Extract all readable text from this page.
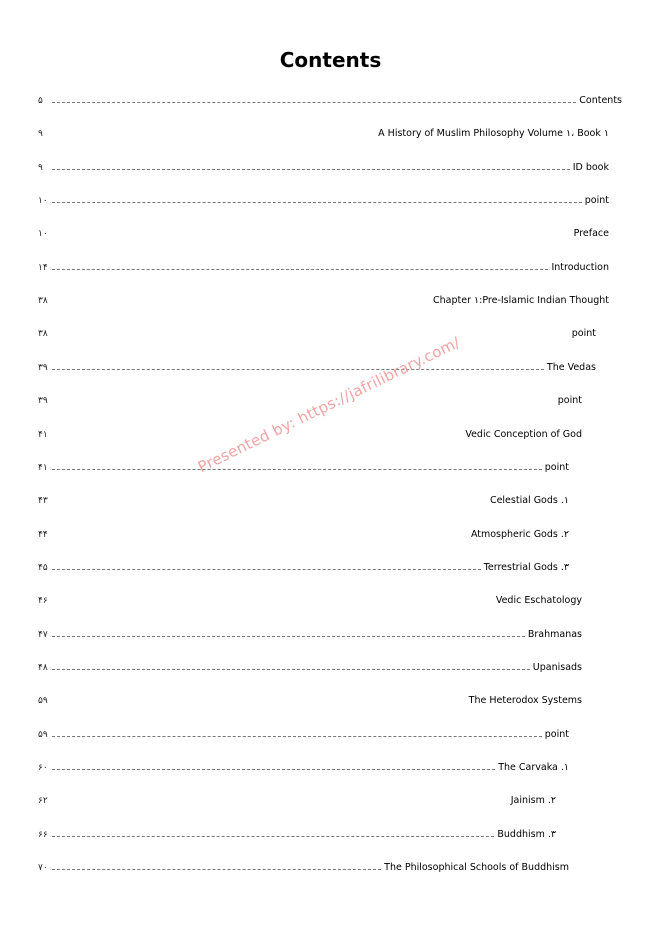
Contents
۵	Contents
۹	A History of Muslim Philosophy Volume ۱، Book ۱
۹	ID book
۱۰	point
۱۰	Preface
۱۴	Introduction
۳۸	Chapter ۱:Pre-Islamic Indian Thought
۳۸	point
۳۹	The Vedas
۳۹	point
۴۱	Vedic Conception of God
۴۱	point
۴۳	Celestial Gods .۱
۴۴	Atmospheric Gods .۲
۴۵	Terrestrial Gods .۳
۴۶	Vedic Eschatology
۴۷	Brahmanas
۴۸	Upanisads
۵۹	The Heterodox Systems
۵۹	point
۶۰	The Carvaka .۱
۶۲	Jainism .۲
۶۶	Buddhism .۳
۷۰	The Philosophical Schools of Buddhism
Presented by: https://jafrilibrary.com/
